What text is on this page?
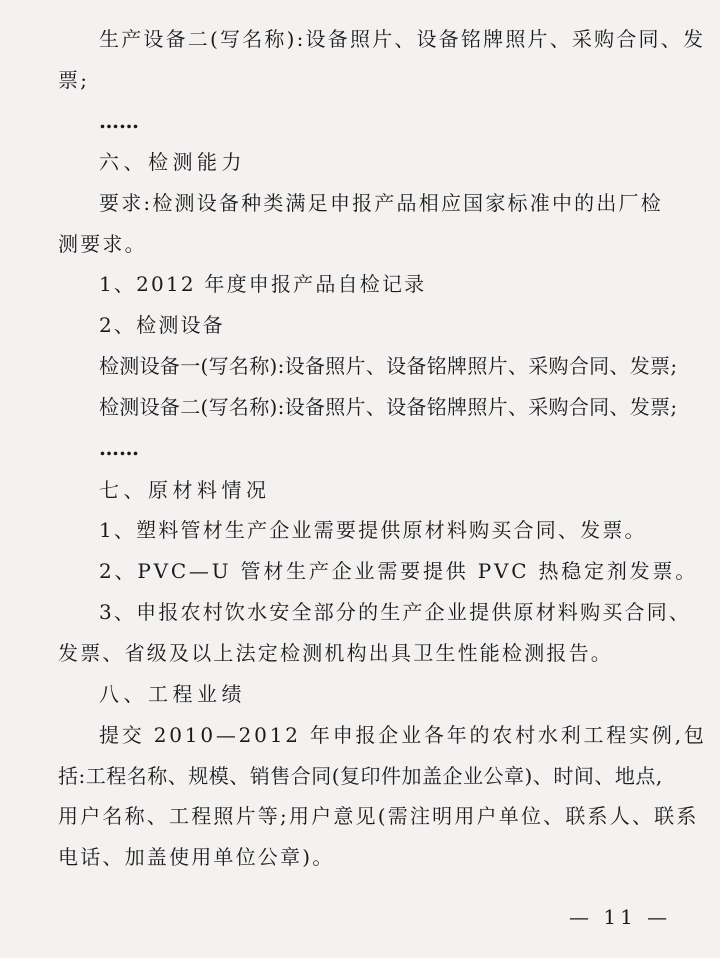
生产设备二(写名称):设备照片、设备铭牌照片、采购合同、发
票;
……
六、检测能力
要求:检测设备种类满足申报产品相应国家标准中的出厂检
测要求。
1、2012 年度申报产品自检记录
2、检测设备
检测设备一(写名称):设备照片、设备铭牌照片、采购合同、发票;
检测设备二(写名称):设备照片、设备铭牌照片、采购合同、发票;
……
七、原材料情况
1、塑料管材生产企业需要提供原材料购买合同、发票。
2、PVC—U 管材生产企业需要提供 PVC 热稳定剂发票。
3、申报农村饮水安全部分的生产企业提供原材料购买合同、
发票、省级及以上法定检测机构出具卫生性能检测报告。
八、工程业绩
提交 2010—2012 年申报企业各年的农村水利工程实例,包
括:工程名称、规模、销售合同(复印件加盖企业公章)、时间、地点,
用户名称、工程照片等;用户意见(需注明用户单位、联系人、联系
电话、加盖使用单位公章)。
— 11 —
